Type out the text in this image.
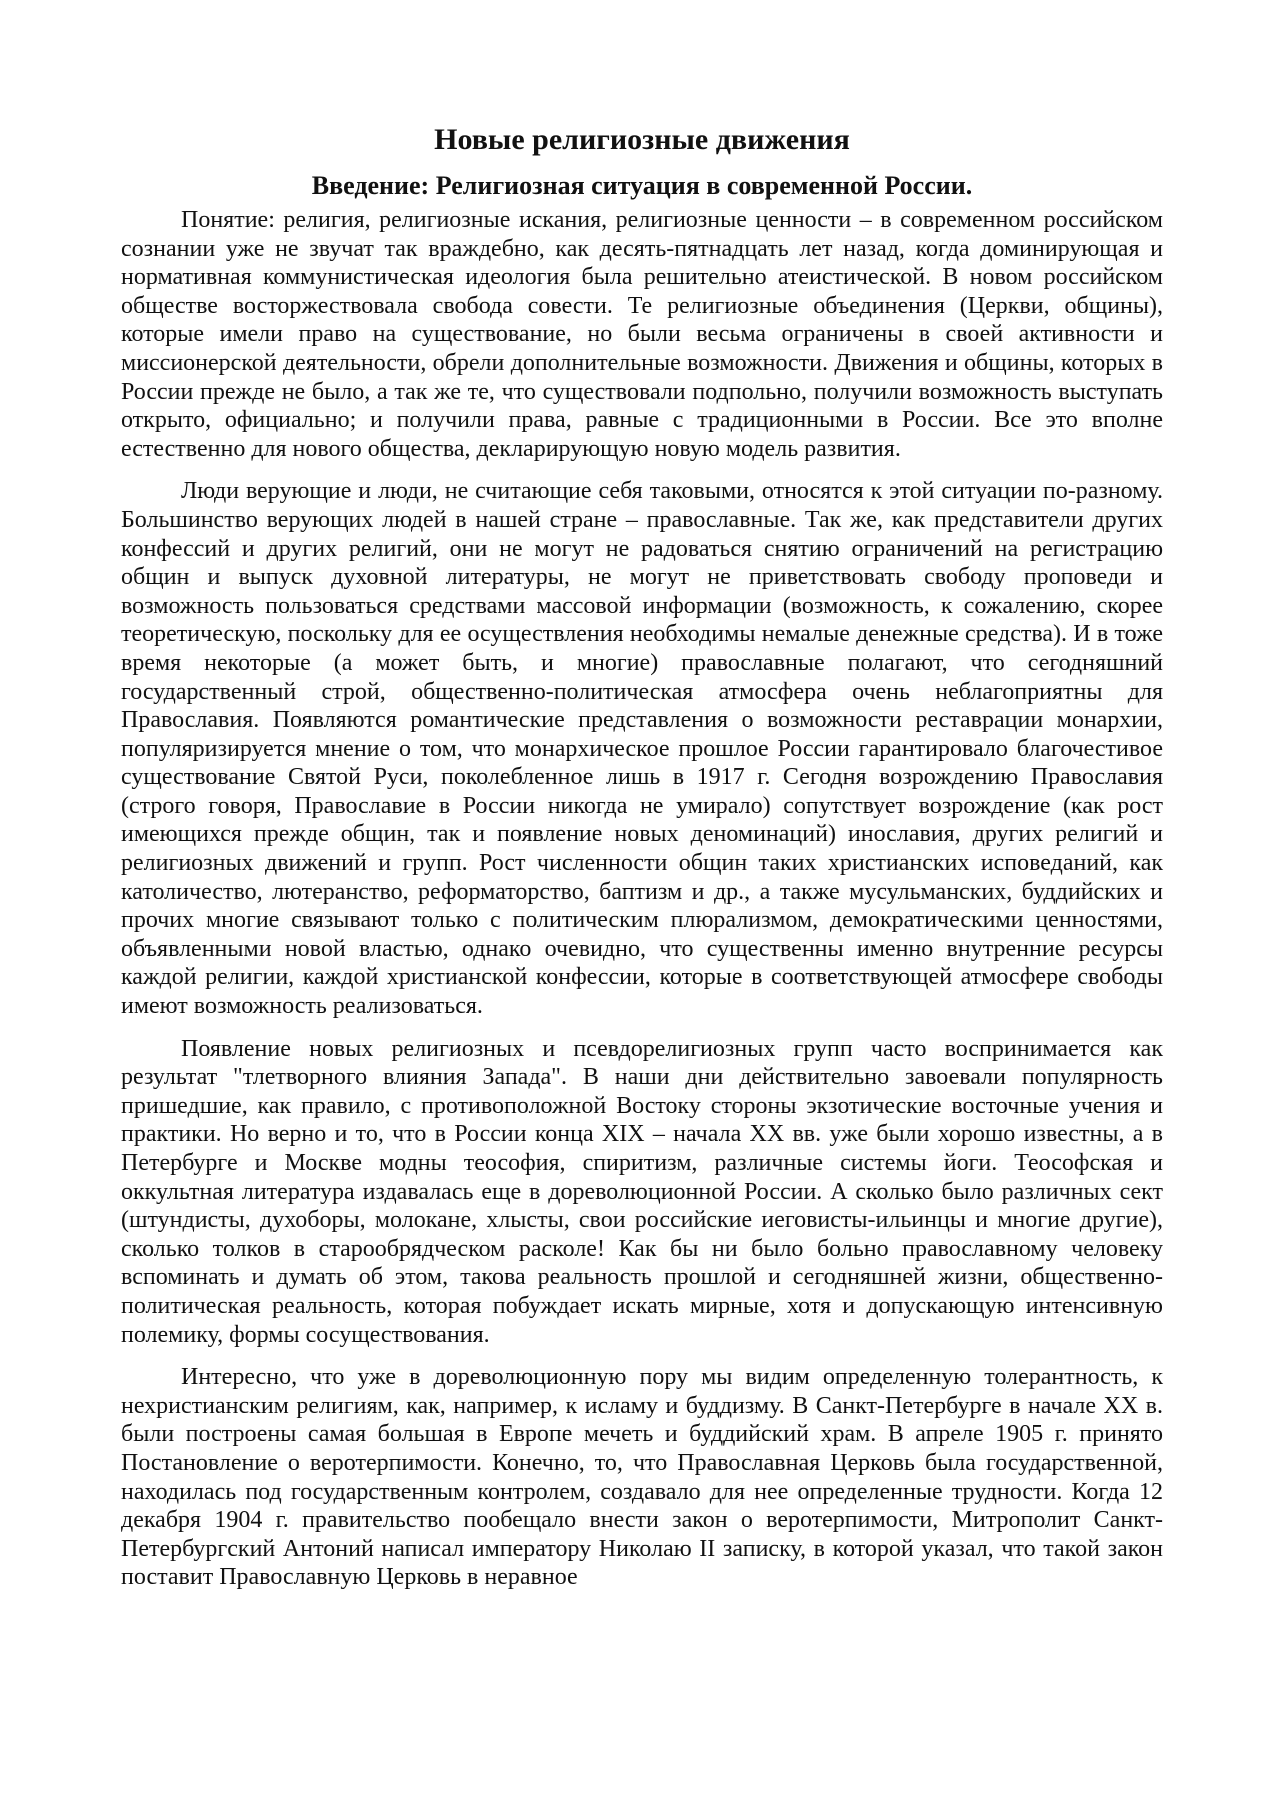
Новые религиозные движения
Введение: Религиозная ситуация в современной России.

Понятие: религия, религиозные искания, религиозные ценности – в современном российском сознании уже не звучат так враждебно, как десять-пятнадцать лет назад, когда доминирующая и нормативная коммунистическая идеология была решительно атеистической. В новом российском обществе восторжествовала свобода совести. Те религиозные объединения (Церкви, общины), которые имели право на существование, но были весьма ограничены в своей активности и миссионерской деятельности, обрели дополнительные возможности. Движения и общины, которых в России прежде не было, а так же те, что существовали подпольно, получили возможность выступать открыто, официально; и получили права, равные с традиционными в России. Все это вполне естественно для нового общества, декларирующую новую модель развития.

Люди верующие и люди, не считающие себя таковыми, относятся к этой ситуации по-разному. Большинство верующих людей в нашей стране – православные. Так же, как представители других конфессий и других религий, они не могут не радоваться снятию ограничений на регистрацию общин и выпуск духовной литературы, не могут не приветствовать свободу проповеди и возможность пользоваться средствами массовой информации (возможность, к сожалению, скорее теоретическую, поскольку для ее осуществления необходимы немалые денежные средства). И в тоже время некоторые (а может быть, и многие) православные полагают, что сегодняшний государственный строй, общественно-политическая атмосфера очень неблагоприятны для Православия. Появляются романтические представления о возможности реставрации монархии, популяризируется мнение о том, что монархическое прошлое России гарантировало благочестивое существование Святой Руси, поколебленное лишь в 1917 г. Сегодня возрождению Православия (строго говоря, Православие в России никогда не умирало) сопутствует возрождение (как рост имеющихся прежде общин, так и появление новых деноминаций) инославия, других религий и религиозных движений и групп. Рост численности общин таких христианских исповеданий, как католичество, лютеранство, реформаторство, баптизм и др., а также мусульманских, буддийских и прочих многие связывают только с политическим плюрализмом, демократическими ценностями, объявленными новой властью, однако очевидно, что существенны именно внутренние ресурсы каждой религии, каждой христианской конфессии, которые в соответствующей атмосфере свободы имеют возможность реализоваться.

Появление новых религиозных и псевдорелигиозных групп часто воспринимается как результат "тлетворного влияния Запада". В наши дни действительно завоевали популярность пришедшие, как правило, с противоположной Востоку стороны экзотические восточные учения и практики. Но верно и то, что в России конца XIX – начала XX вв. уже были хорошо известны, а в Петербурге и Москве модны теософия, спиритизм, различные системы йоги. Теософская и оккультная литература издавалась еще в дореволюционной России. А сколько было различных сект (штундисты, духоборы, молокане, хлысты, свои российские иеговисты-ильинцы и многие другие), сколько толков в старообрядческом расколе! Как бы ни было больно православному человеку вспоминать и думать об этом, такова реальность прошлой и сегодняшней жизни, общественно-политическая реальность, которая побуждает искать мирные, хотя и допускающую интенсивную полемику, формы сосуществования.

Интересно, что уже в дореволюционную пору мы видим определенную толерантность, к нехристианским религиям, как, например, к исламу и буддизму. В Санкт-Петербурге в начале XX в. были построены самая большая в Европе мечеть и буддийский храм. В апреле 1905 г. принято Постановление о веротерпимости. Конечно, то, что Православная Церковь была государственной, находилась под государственным контролем, создавало для нее определенные трудности. Когда 12 декабря 1904 г. правительство пообещало внести закон о веротерпимости, Митрополит Санкт-Петербургский Антоний написал императору Николаю II записку, в которой указал, что такой закон поставит Православную Церковь в неравное
